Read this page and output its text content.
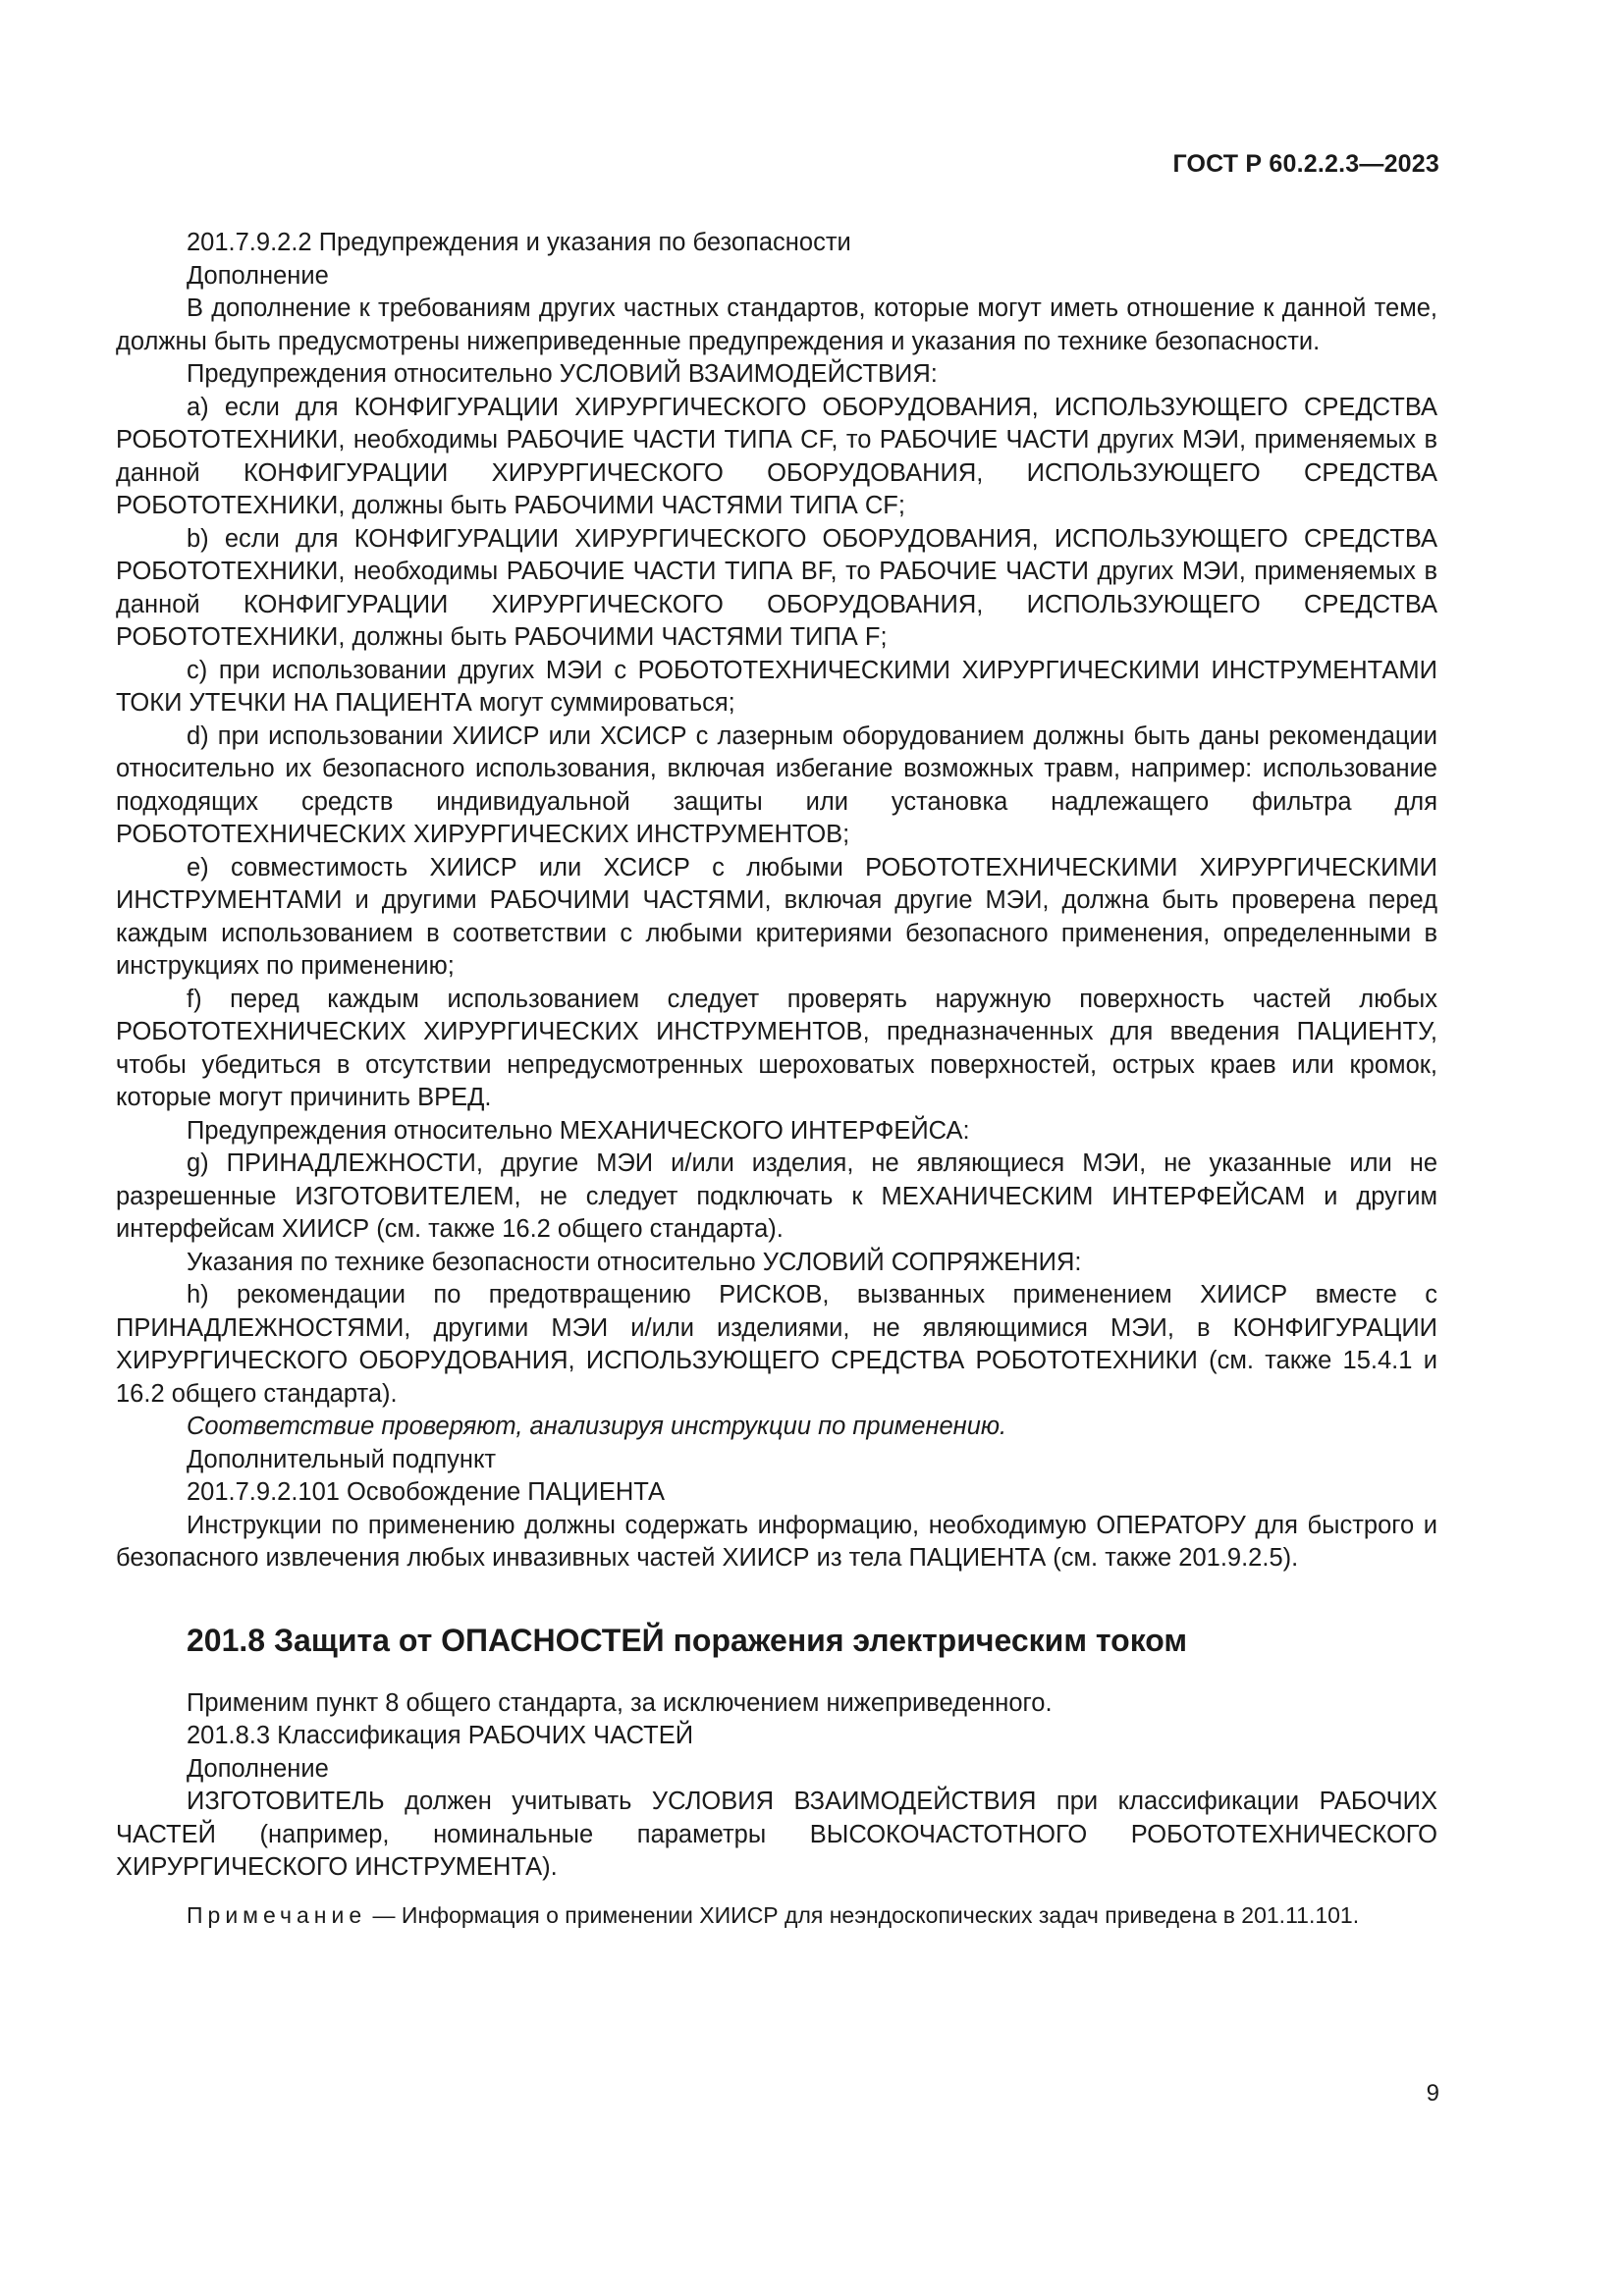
ГОСТ Р 60.2.2.3—2023

201.7.9.2.2 Предупреждения и указания по безопасности

Дополнение

В дополнение к требованиям других частных стандартов, которые могут иметь отношение к данной теме, должны быть предусмотрены нижеприведенные предупреждения и указания по технике безопасности.

Предупреждения относительно УСЛОВИЙ ВЗАИМОДЕЙСТВИЯ:

a) если для КОНФИГУРАЦИИ ХИРУРГИЧЕСКОГО ОБОРУДОВАНИЯ, ИСПОЛЬЗУЮЩЕГО СРЕДСТВА РОБОТОТЕХНИКИ, необходимы РАБОЧИЕ ЧАСТИ ТИПА CF, то РАБОЧИЕ ЧАСТИ других МЭИ, применяемых в данной КОНФИГУРАЦИИ ХИРУРГИЧЕСКОГО ОБОРУДОВАНИЯ, ИСПОЛЬЗУЮЩЕГО СРЕДСТВА РОБОТОТЕХНИКИ, должны быть РАБОЧИМИ ЧАСТЯМИ ТИПА CF;

b) если для КОНФИГУРАЦИИ ХИРУРГИЧЕСКОГО ОБОРУДОВАНИЯ, ИСПОЛЬЗУЮЩЕГО СРЕДСТВА РОБОТОТЕХНИКИ, необходимы РАБОЧИЕ ЧАСТИ ТИПА BF, то РАБОЧИЕ ЧАСТИ других МЭИ, применяемых в данной КОНФИГУРАЦИИ ХИРУРГИЧЕСКОГО ОБОРУДОВАНИЯ, ИСПОЛЬЗУЮЩЕГО СРЕДСТВА РОБОТОТЕХНИКИ, должны быть РАБОЧИМИ ЧАСТЯМИ ТИПА F;

c) при использовании других МЭИ с РОБОТОТЕХНИЧЕСКИМИ ХИРУРГИЧЕСКИМИ ИНСТРУМЕНТАМИ ТОКИ УТЕЧКИ НА ПАЦИЕНТА могут суммироваться;

d) при использовании ХИИСР или ХСИСР с лазерным оборудованием должны быть даны рекомендации относительно их безопасного использования, включая избегание возможных травм, например: использование подходящих средств индивидуальной защиты или установка надлежащего фильтра для РОБОТОТЕХНИЧЕСКИХ ХИРУРГИЧЕСКИХ ИНСТРУМЕНТОВ;

e) совместимость ХИИСР или ХСИСР с любыми РОБОТОТЕХНИЧЕСКИМИ ХИРУРГИЧЕСКИМИ ИНСТРУМЕНТАМИ и другими РАБОЧИМИ ЧАСТЯМИ, включая другие МЭИ, должна быть проверена перед каждым использованием в соответствии с любыми критериями безопасного применения, определенными в инструкциях по применению;

f) перед каждым использованием следует проверять наружную поверхность частей любых РОБОТОТЕХНИЧЕСКИХ ХИРУРГИЧЕСКИХ ИНСТРУМЕНТОВ, предназначенных для введения ПАЦИЕНТУ, чтобы убедиться в отсутствии непредусмотренных шероховатых поверхностей, острых краев или кромок, которые могут причинить ВРЕД.

Предупреждения относительно МЕХАНИЧЕСКОГО ИНТЕРФЕЙСА:

g) ПРИНАДЛЕЖНОСТИ, другие МЭИ и/или изделия, не являющиеся МЭИ, не указанные или не разрешенные ИЗГОТОВИТЕЛЕМ, не следует подключать к МЕХАНИЧЕСКИМ ИНТЕРФЕЙСАМ и другим интерфейсам ХИИСР (см. также 16.2 общего стандарта).

Указания по технике безопасности относительно УСЛОВИЙ СОПРЯЖЕНИЯ:

h) рекомендации по предотвращению РИСКОВ, вызванных применением ХИИСР вместе с ПРИНАДЛЕЖНОСТЯМИ, другими МЭИ и/или изделиями, не являющимися МЭИ, в КОНФИГУРАЦИИ ХИРУРГИЧЕСКОГО ОБОРУДОВАНИЯ, ИСПОЛЬЗУЮЩЕГО СРЕДСТВА РОБОТОТЕХНИКИ (см. также 15.4.1 и 16.2 общего стандарта).

Соответствие проверяют, анализируя инструкции по применению.

Дополнительный подпункт

201.7.9.2.101 Освобождение ПАЦИЕНТА

Инструкции по применению должны содержать информацию, необходимую ОПЕРАТОРУ для быстрого и безопасного извлечения любых инвазивных частей ХИИСР из тела ПАЦИЕНТА (см. также 201.9.2.5).

201.8 Защита от ОПАСНОСТЕЙ поражения электрическим током

Применим пункт 8 общего стандарта, за исключением нижеприведенного.

201.8.3 Классификация РАБОЧИХ ЧАСТЕЙ

Дополнение

ИЗГОТОВИТЕЛЬ должен учитывать УСЛОВИЯ ВЗАИМОДЕЙСТВИЯ при классификации РАБОЧИХ ЧАСТЕЙ (например, номинальные параметры ВЫСОКОЧАСТОТНОГО РОБОТОТЕХНИЧЕСКОГО ХИРУРГИЧЕСКОГО ИНСТРУМЕНТА).

Примечание — Информация о применении ХИИСР для неэндоскопических задач приведена в 201.11.101.

9
